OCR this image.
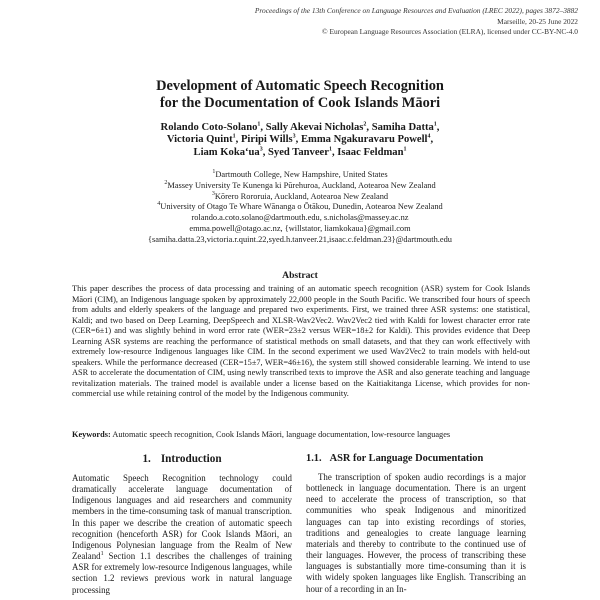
Proceedings of the 13th Conference on Language Resources and Evaluation (LREC 2022), pages 3872–3882
Marseille, 20-25 June 2022
© European Language Resources Association (ELRA), licensed under CC-BY-NC-4.0
Development of Automatic Speech Recognition
for the Documentation of Cook Islands Māori
Rolando Coto-Solano$^1$, Sally Akevai Nicholas$^2$, Samiha Datta$^1$,
Victoria Quint$^1$, Piripi Wills$^3$, Emma Ngakuravaru Powell$^4$,
Liam $Koka‘ua^3$, Syed Tanveer$^1$, Isaac Feldman$^1$
$^1$Dartmouth College, New Hampshire, United States
$^2$Massey University Te Kunenga ki Pūrehuroa, Auckland, Aotearoa New Zealand
$^3$Kōrero Rororuia, Auckland, Aotearoa New Zealand
$^4$University of Otago Te Whare Wānanga o Ōtākou, Dunedin, Aotearoa New Zealand
rolando.a.coto.solano@dartmouth.edu, s.nicholas@massey.ac.nz
emma.powell@otago.ac.nz, {willstator, liamkokaua}@gmail.com
{samiha.datta.23,victoria.r.quint.22,syed.h.tanveer.21,isaac.c.feldman.23}@dartmouth.edu
Abstract
This paper describes the process of data processing and training of an automatic speech recognition (ASR) system for Cook Islands Māori (CIM), an Indigenous language spoken by approximately 22,000 people in the South Pacific. We transcribed four hours of speech from adults and elderly speakers of the language and prepared two experiments. First, we trained three ASR systems: one statistical, Kaldi; and two based on Deep Learning, DeepSpeech and XLSR-Wav2Vec2. Wav2Vec2 tied with Kaldi for lowest character error rate (CER=6±1) and was slightly behind in word error rate (WER=23±2 versus WER=18±2 for Kaldi). This provides evidence that Deep Learning ASR systems are reaching the performance of statistical methods on small datasets, and that they can work effectively with extremely low-resource Indigenous languages like CIM. In the second experiment we used Wav2Vec2 to train models with held-out speakers. While the performance decreased (CER=15±7, WER=46±16), the system still showed considerable learning. We intend to use ASR to accelerate the documentation of CIM, using newly transcribed texts to improve the ASR and also generate teaching and language revitalization materials. The trained model is available under a license based on the Kaitiakitanga License, which provides for non-commercial use while retaining control of the model by the Indigenous community.
Keywords: Automatic speech recognition, Cook Islands Māori, language documentation, low-resource languages
1. Introduction

Automatic Speech Recognition technology could dramatically accelerate language documentation of Indigenous languages and aid researchers and community members in the time-consuming task of manual transcription. In this paper we describe the creation of automatic speech recognition (henceforth ASR) for Cook Islands Māori, an Indigenous Polynesian language from the Realm of New Zealand$^1$ Section 1.1 describes the challenges of training ASR for extremely low-resource Indigenous languages, while section 1.2 reviews previous work in natural language processing

1.1. ASR for Language Documentation

The transcription of spoken audio recordings is a major bottleneck in language documentation. There is an urgent need to accelerate the process of transcription, so that communities who speak Indigenous and minoritized languages can tap into existing recordings of stories, traditions and genealogies to create language learning materials and thereby to contribute to the continued use of their languages. However, the process of transcribing these languages is substantially more time-consuming than it is with widely spoken languages like English. Transcribing an hour of a recording in an In-
